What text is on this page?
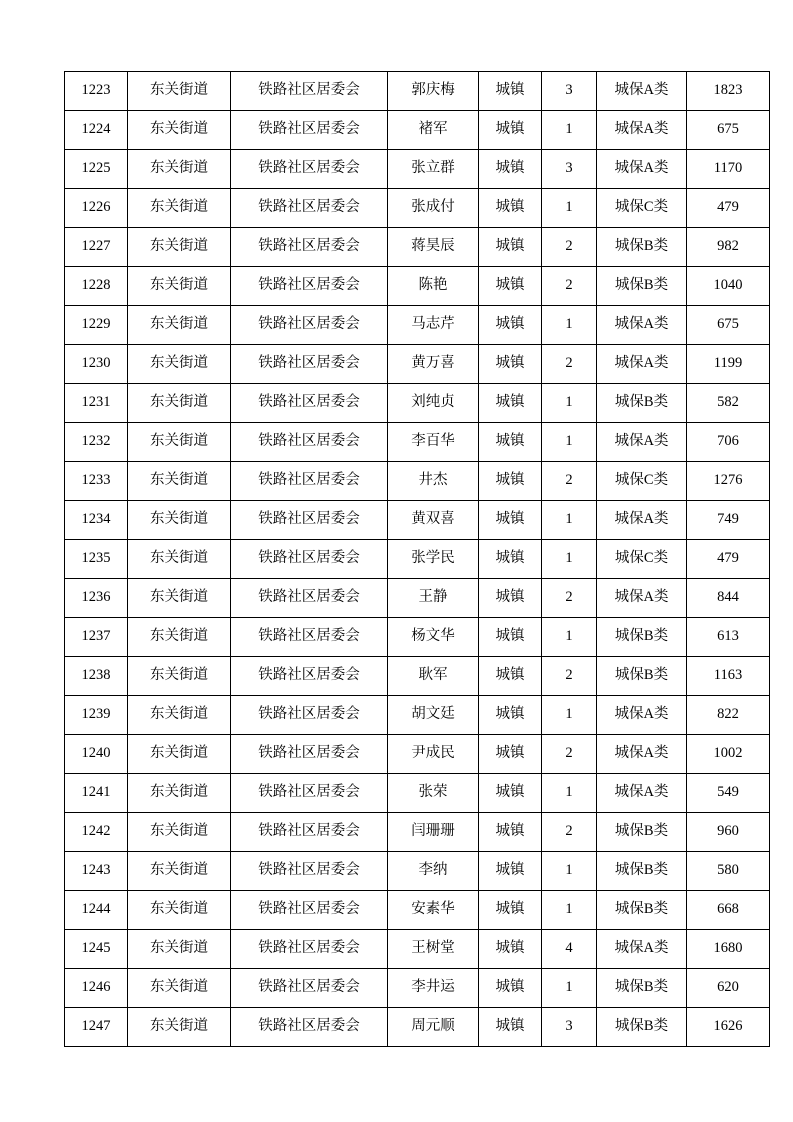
1223	东关街道	铁路社区居委会	郭庆梅	城镇	3	城保A类	1823
1224	东关街道	铁路社区居委会	褚军	城镇	1	城保A类	675
1225	东关街道	铁路社区居委会	张立群	城镇	3	城保A类	1170
1226	东关街道	铁路社区居委会	张成付	城镇	1	城保C类	479
1227	东关街道	铁路社区居委会	蒋昊辰	城镇	2	城保B类	982
1228	东关街道	铁路社区居委会	陈艳	城镇	2	城保B类	1040
1229	东关街道	铁路社区居委会	马志芹	城镇	1	城保A类	675
1230	东关街道	铁路社区居委会	黄万喜	城镇	2	城保A类	1199
1231	东关街道	铁路社区居委会	刘纯贞	城镇	1	城保B类	582
1232	东关街道	铁路社区居委会	李百华	城镇	1	城保A类	706
1233	东关街道	铁路社区居委会	井杰	城镇	2	城保C类	1276
1234	东关街道	铁路社区居委会	黄双喜	城镇	1	城保A类	749
1235	东关街道	铁路社区居委会	张学民	城镇	1	城保C类	479
1236	东关街道	铁路社区居委会	王静	城镇	2	城保A类	844
1237	东关街道	铁路社区居委会	杨文华	城镇	1	城保B类	613
1238	东关街道	铁路社区居委会	耿军	城镇	2	城保B类	1163
1239	东关街道	铁路社区居委会	胡文廷	城镇	1	城保A类	822
1240	东关街道	铁路社区居委会	尹成民	城镇	2	城保A类	1002
1241	东关街道	铁路社区居委会	张荣	城镇	1	城保A类	549
1242	东关街道	铁路社区居委会	闫珊珊	城镇	2	城保B类	960
1243	东关街道	铁路社区居委会	李纳	城镇	1	城保B类	580
1244	东关街道	铁路社区居委会	安素华	城镇	1	城保B类	668
1245	东关街道	铁路社区居委会	王树堂	城镇	4	城保A类	1680
1246	东关街道	铁路社区居委会	李井运	城镇	1	城保B类	620
1247	东关街道	铁路社区居委会	周元顺	城镇	3	城保B类	1626
